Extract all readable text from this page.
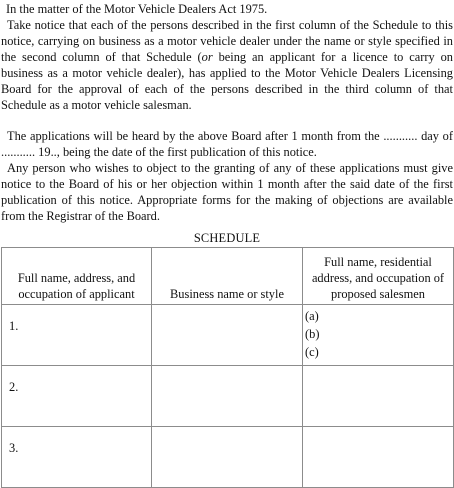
In the matter of the Motor Vehicle Dealers Act 1975.

Take notice that each of the persons described in the first column of the Schedule to this notice, carrying on business as a motor vehicle dealer under the name or style specified in the second column of that Schedule (or being an applicant for a licence to carry on business as a motor vehicle dealer), has applied to the Motor Vehicle Dealers Licensing Board for the approval of each of the persons described in the third column of that Schedule as a motor vehicle salesman.

The applications will be heard by the above Board after 1 month from the ........... day of ........... 19.., being the date of the first publication of this notice.

Any person who wishes to object to the granting of any of these applications must give notice to the Board of his or her objection within 1 month after the said date of the first publication of this notice. Appropriate forms for the making of objections are available from the Registrar of the Board.

SCHEDULE
Full name, address, and occupation of applicant	Business name or style	Full name, residential address, and occupation of proposed salesmen

1.		(a)
(b)
(c)

2.		

3.		
